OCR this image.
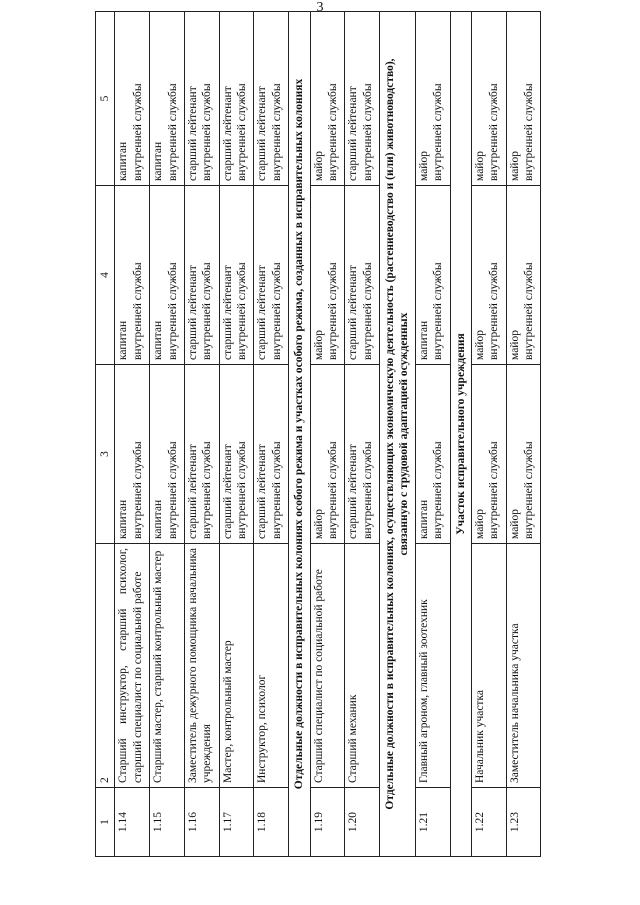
3
1	2	3	4	5
1.14	Старший инструктор, старший психолог, старший специалист по социальной работе	капитан внутренней службы	капитан внутренней службы	капитан внутренней службы

1.15	Старший мастер, старший контрольный мастер	капитан внутренней службы	капитан внутренней службы	капитан внутренней службы

1.16	Заместитель дежурного помощника начальника учреждения	старший лейтенант внутренней службы	старший лейтенант внутренней службы	старший лейтенант внутренней службы

1.17	Мастер, контрольный мастер	старший лейтенант внутренней службы	старший лейтенант внутренней службы	старший лейтенант внутренней службы

1.18	Инструктор, психолог	старший лейтенант внутренней службы	старший лейтенант внутренней службы	старший лейтенант внутренней службы

Отдельные должности в исправительных колониях особого режима и участках особого режима, созданных в исправительных колониях				
1.19	Старший специалист по социальной работе	майор внутренней службы	майор внутренней службы	майор внутренней службы

1.20	Старший механик	старший лейтенант внутренней службы	старший лейтенант внутренней службы	старший лейтенант внутренней службы

Отдельные должности в исправительных колониях, осуществляющих экономическую деятельность (растениеводство и (или) животноводство), связанную с трудовой адаптацией осужденных				
1.21	Главный агроном, главный зоотехник	капитан внутренней службы	капитан внутренней службы	майор внутренней службы

Участок исправительного учреждения				
1.22	Начальник участка	майор внутренней службы	майор внутренней службы	майор внутренней службы

1.23	Заместитель начальника участка	майор внутренней службы	майор внутренней службы	майор внутренней службы
